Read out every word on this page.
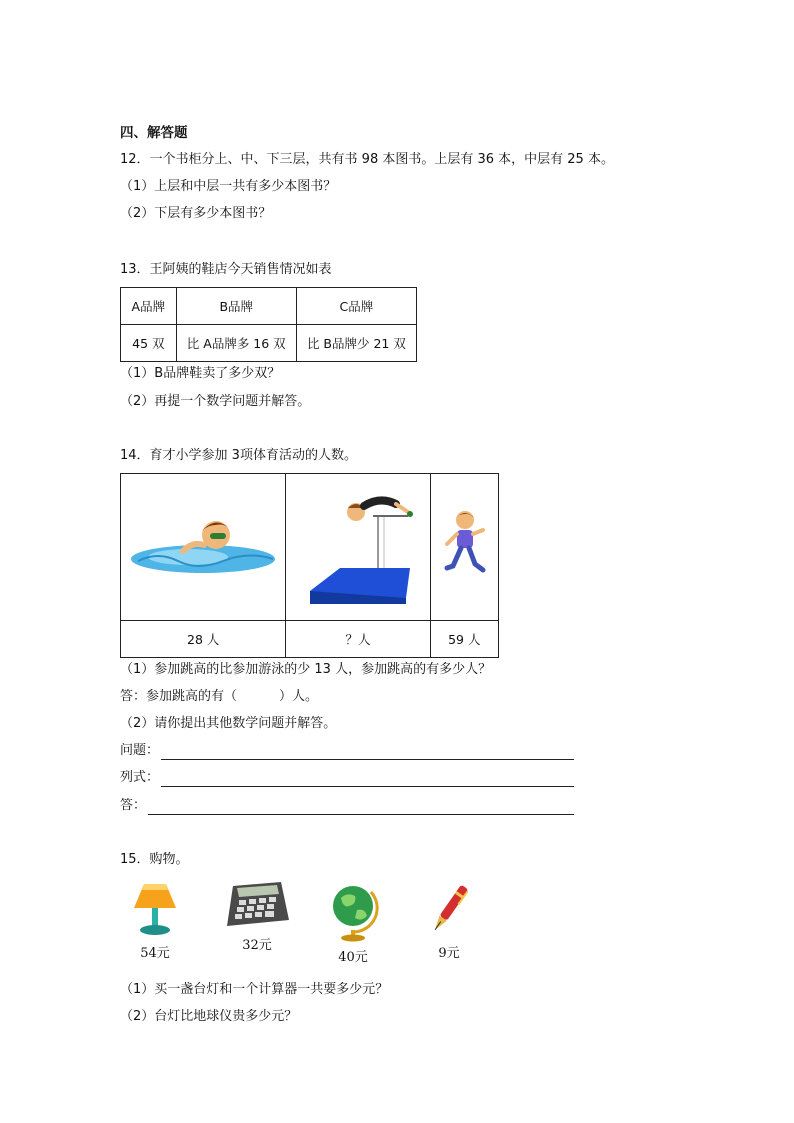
四、解答题
12．一个书柜分上、中、下三层，共有书 98 本图书。上层有 36 本，中层有 25 本。
（1）上层和中层一共有多少本图书？
（2）下层有多少本图书？
13．王阿姨的鞋店今天销售情况如表
A品牌	B品牌	C品牌
45 双	比 A品牌多 16 双	比 B品牌少 21 双
（1）B品牌鞋卖了多少双？
（2）再提一个数学问题并解答。
14．育才小学参加 3项体育活动的人数。

28 人	？人	59 人
（1）参加跳高的比参加游泳的少 13 人，参加跳高的有多少人？
答：参加跳高的有（	）人。
（2）请你提出其他数学问题并解答。
问题：
列式：
答：
15．购物。
54元
32元
40元	9元
（1）买一盏台灯和一个计算器一共要多少元？
（2）台灯比地球仪贵多少元？
